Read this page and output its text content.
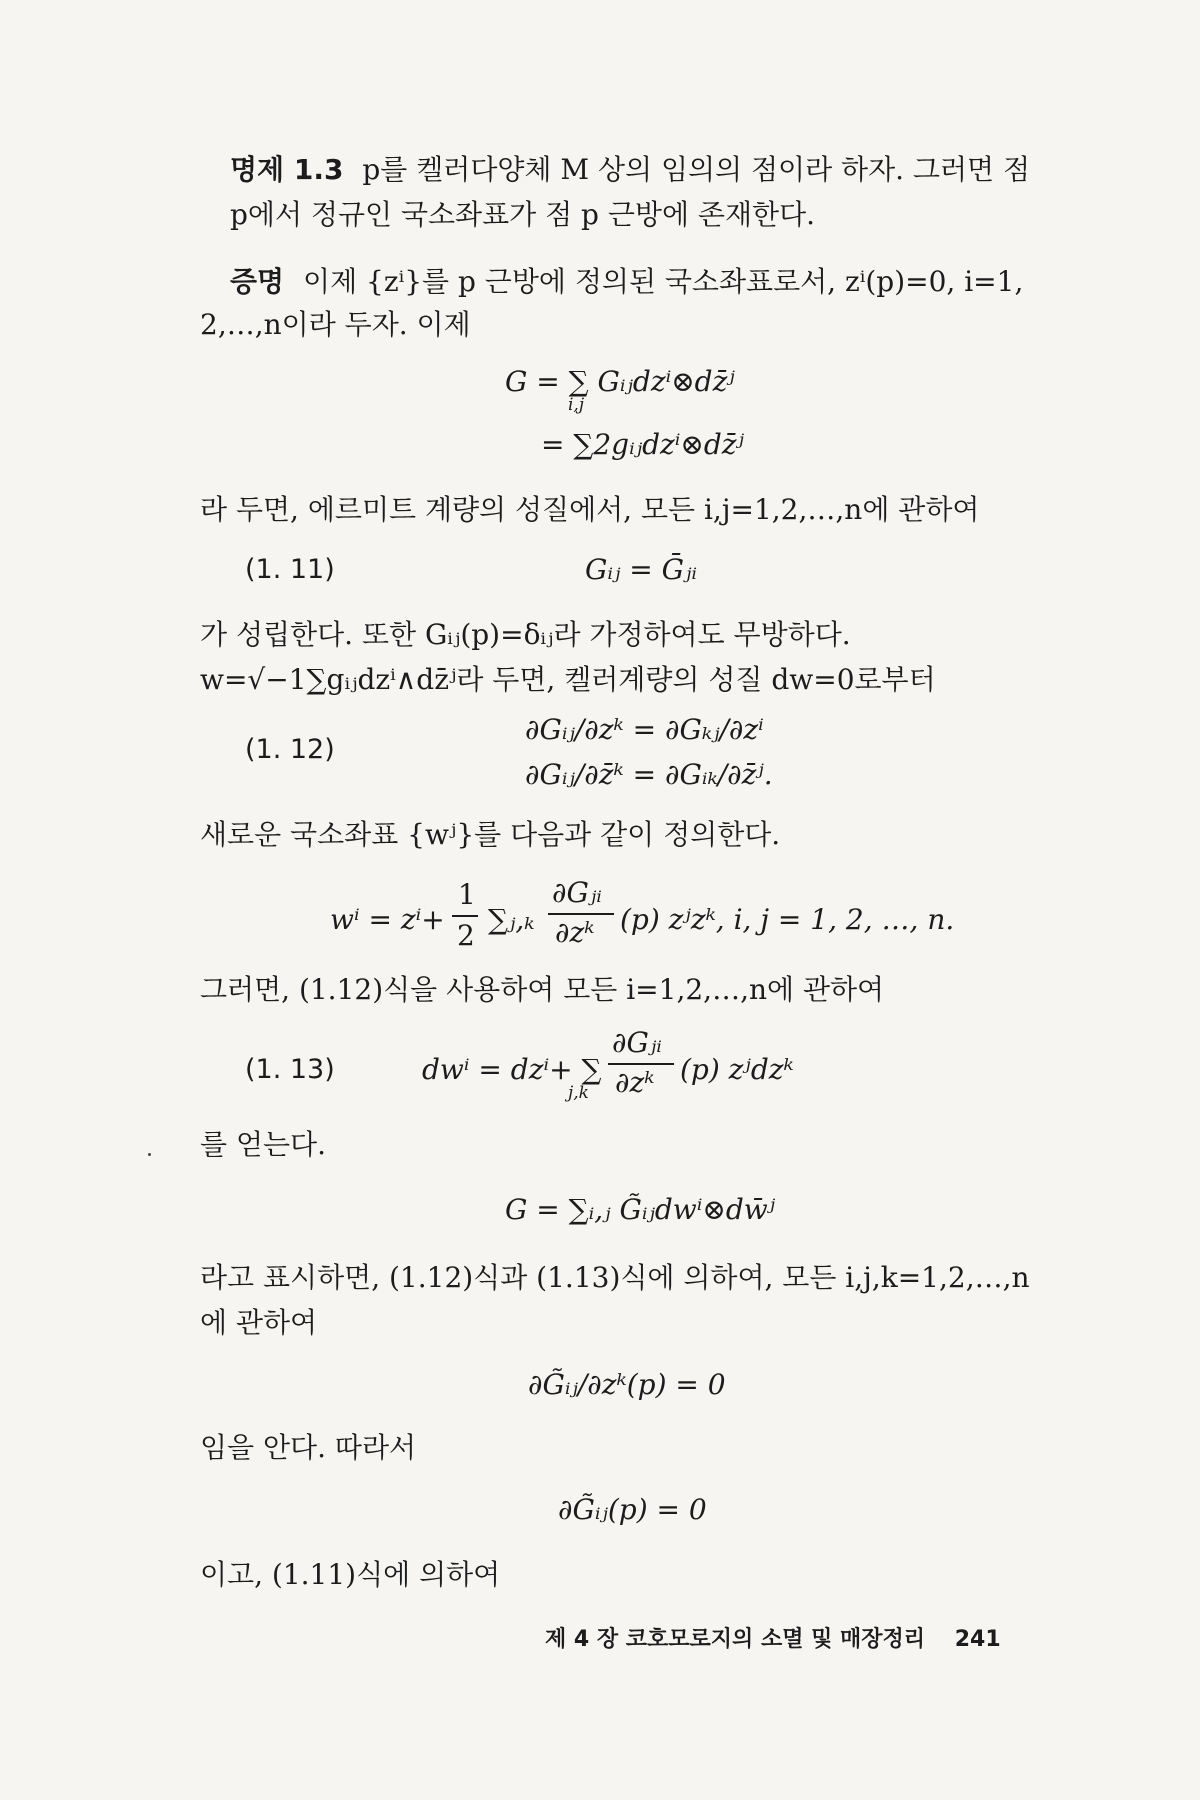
명제 1.3 p를 켈러다양체 M 상의 임의의 점이라 하자. 그러면 점
p에서 정규인 국소좌표가 점 p 근방에 존재한다.
증명 이제 {zⁱ}를 p 근방에 정의된 국소좌표로서, zⁱ(p)=0, i=1,
2,…,n이라 두자. 이제
G = ∑ Gᵢⱼdzⁱ⊗dz̄ʲ
i,j
= ∑2gᵢⱼdzⁱ⊗dz̄ʲ
라 두면, 에르미트 계량의 성질에서, 모든 i,j=1,2,…,n에 관하여
(1. 11)	Gᵢⱼ = Ḡⱼᵢ
가 성립한다. 또한 Gᵢⱼ(p)=δᵢⱼ라 가정하여도 무방하다.
w=√−1∑gᵢⱼdzⁱ∧dz̄ʲ라 두면, 켈러계량의 성질 dw=0로부터
(1. 12)
∂Gᵢⱼ/∂zᵏ = ∂Gₖⱼ/∂zⁱ
∂Gᵢⱼ/∂z̄ᵏ = ∂Gᵢₖ/∂z̄ʲ.
새로운 국소좌표 {wʲ}를 다음과 같이 정의한다.
wⁱ = zⁱ+
1
2 ∑ⱼ,ₖ
∂Gⱼᵢ
∂zᵏ (p) zʲzᵏ, i, j = 1, 2, …, n.
그러면, (1.12)식을 사용하여 모든 i=1,2,…,n에 관하여
(1. 13)	dwⁱ = dzⁱ+ ∑
j,k
∂Gⱼᵢ
∂zᵏ (p) zʲdzᵏ
를 얻는다.
G = ∑ᵢ,ⱼ G̃ᵢⱼdwⁱ⊗dw̄ʲ
라고 표시하면, (1.12)식과 (1.13)식에 의하여, 모든 i,j,k=1,2,…,n
에 관하여
∂G̃ᵢⱼ/∂zᵏ(p) = 0
임을 안다. 따라서
∂G̃ᵢⱼ(p) = 0
이고, (1.11)식에 의하여
제 4 장 코호모로지의 소멸 및 매장정리 241
